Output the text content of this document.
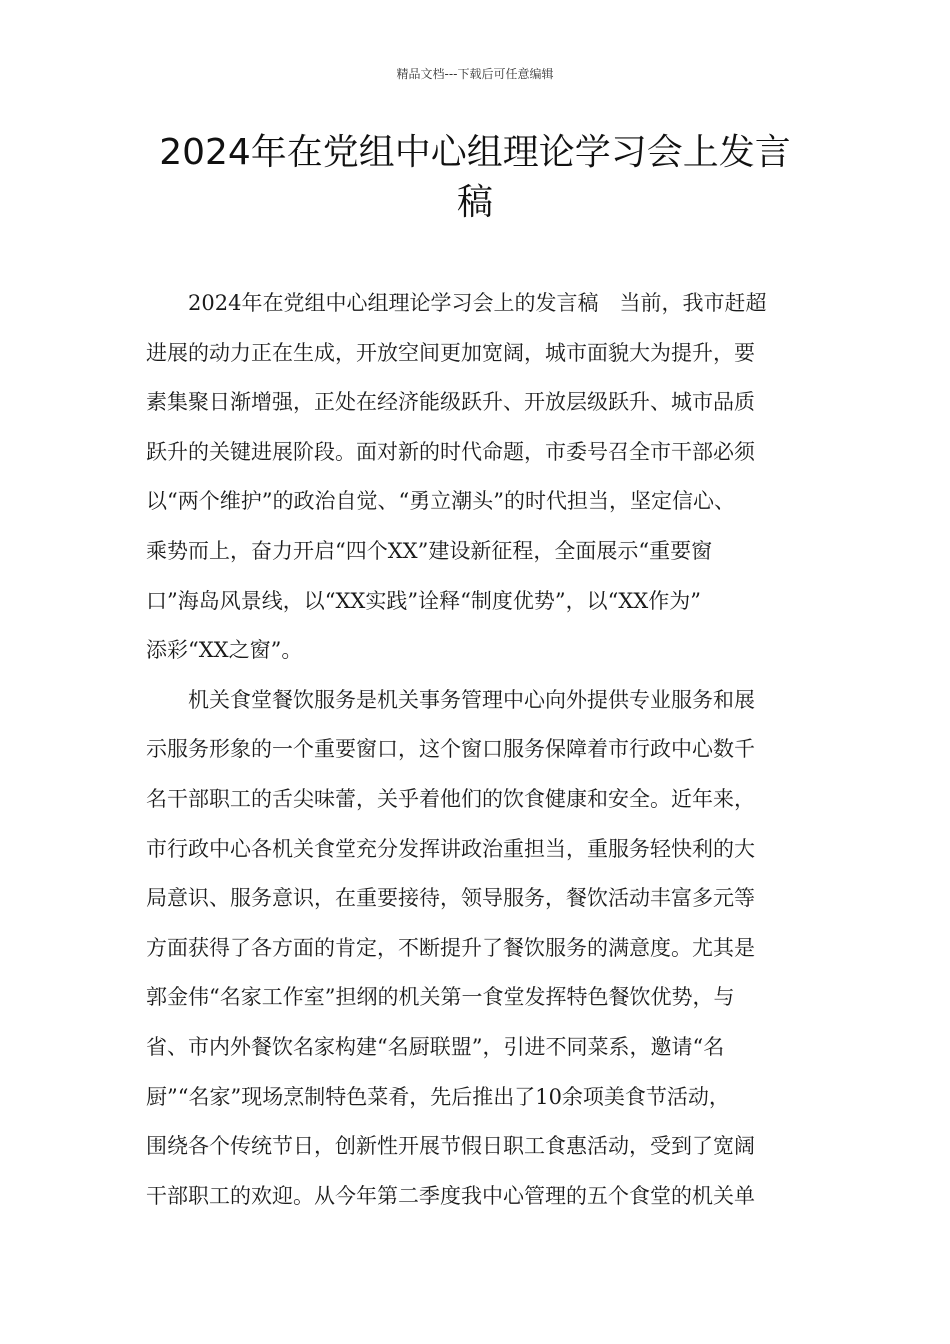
精品文档---下载后可任意编辑
2024年在党组中心组理论学习会上发言
稿
2024年在党组中心组理论学习会上的发言稿　当前，我市赶超
进展的动力正在生成，开放空间更加宽阔，城市面貌大为提升，要
素集聚日渐增强，正处在经济能级跃升、开放层级跃升、城市品质
跃升的关键进展阶段。面对新的时代命题，市委号召全市干部必须
以“两个维护”的政治自觉、“勇立潮头”的时代担当，坚定信心、
乘势而上，奋力开启“四个XX”建设新征程，全面展示“重要窗
口”海岛风景线，以“XX实践”诠释“制度优势”，以“XX作为”
添彩“XX之窗”。
机关食堂餐饮服务是机关事务管理中心向外提供专业服务和展
示服务形象的一个重要窗口，这个窗口服务保障着市行政中心数千
名干部职工的舌尖味蕾，关乎着他们的饮食健康和安全。近年来，
市行政中心各机关食堂充分发挥讲政治重担当，重服务轻快利的大
局意识、服务意识，在重要接待，领导服务，餐饮活动丰富多元等
方面获得了各方面的肯定，不断提升了餐饮服务的满意度。尤其是
郭金伟“名家工作室”担纲的机关第一食堂发挥特色餐饮优势，与
省、市内外餐饮名家构建“名厨联盟”，引进不同菜系，邀请“名
厨”“名家”现场烹制特色菜肴，先后推出了10余项美食节活动，
围绕各个传统节日，创新性开展节假日职工食惠活动，受到了宽阔
干部职工的欢迎。从今年第二季度我中心管理的五个食堂的机关单
